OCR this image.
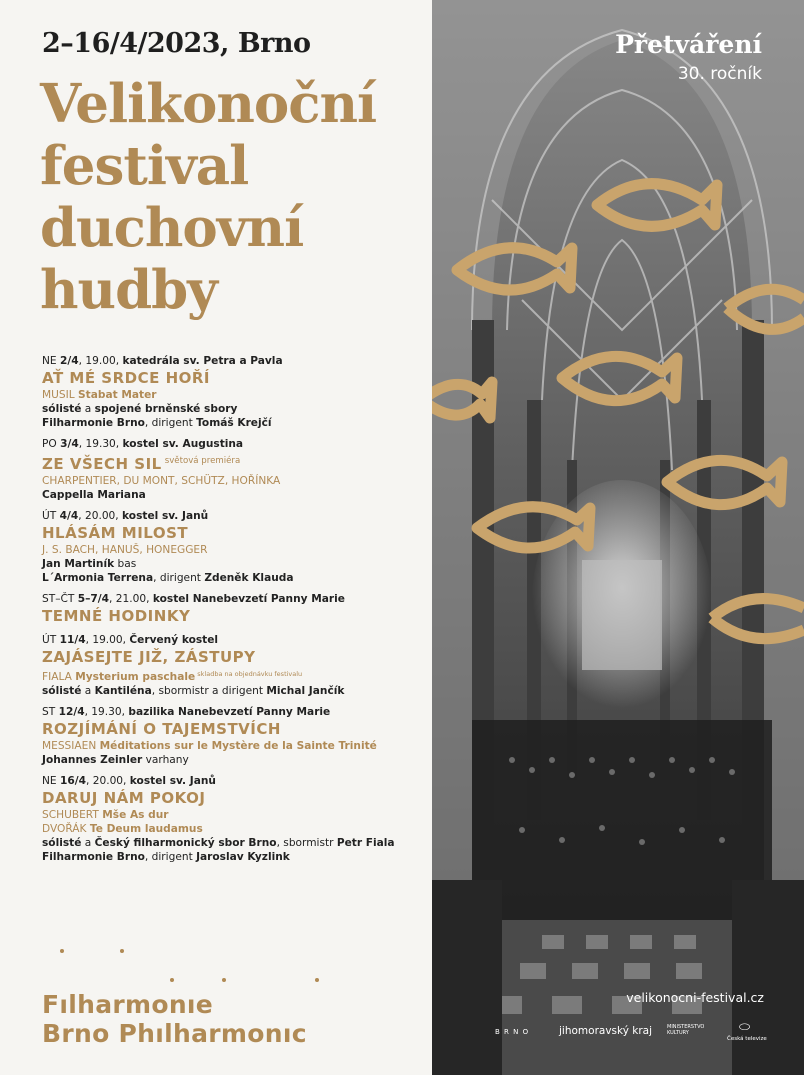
2–16/4/2023, Brno
Velikonoční
festival
duchovní
hudby
NE 2/4, 19.00, katedrála sv. Petra a Pavla
AŤ MÉ SRDCE HOŘÍ
MUSIL Stabat Mater
sólisté a spojené brněnské sbory
Filharmonie Brno, dirigent Tomáš Krejčí
PO 3/4, 19.30, kostel sv. Augustina
ZE VŠECH SIL $^{světová premiéra}$
CHARPENTIER, DU MONT, SCHÜTZ, HOŘÍNKA
Cappella Mariana
ÚT 4/4, 20.00, kostel sv. Janů
HLÁSÁM MILOST
J. S. BACH, HANUŠ, HONEGGER
Jan Martiník bas
L´Armonia Terrena, dirigent Zdeněk Klauda
ST–ČT 5–7/4, 21.00, kostel Nanebevzetí Panny Marie
TEMNÉ HODINKY
ÚT 11/4, 19.00, Červený kostel
ZAJÁSEJTE JIŽ, ZÁSTUPY
FIALA Mysterium paschale $^{skladba na objednávku festivalu}$
sólisté a Kantiléna, sbormistr a dirigent Michal Jančík
ST 12/4, 19.30, bazilika Nanebevzetí Panny Marie
ROZJÍMÁNÍ O TAJEMSTVÍCH
MESSIAEN Méditations sur le Mystère de la Sainte Trinité
Johannes Zeinler varhany
NE 16/4, 20.00, kostel sv. Janů
DARUJ NÁM POKOJ
SCHUBERT Mše As dur
DVOŘÁK Te Deum laudamus
sólisté a Český filharmonický sbor Brno, sbormistr Petr Fiala
Filharmonie Brno, dirigent Jaroslav Kyzlink
Fılharmonıe
Brno Phılharmonıc
Přetváření
30. ročník
velikonocni-festival.cz
B R N O	jihomoravský kraj	MINISTERSTVO KULTURY
Česká televize
⬭
